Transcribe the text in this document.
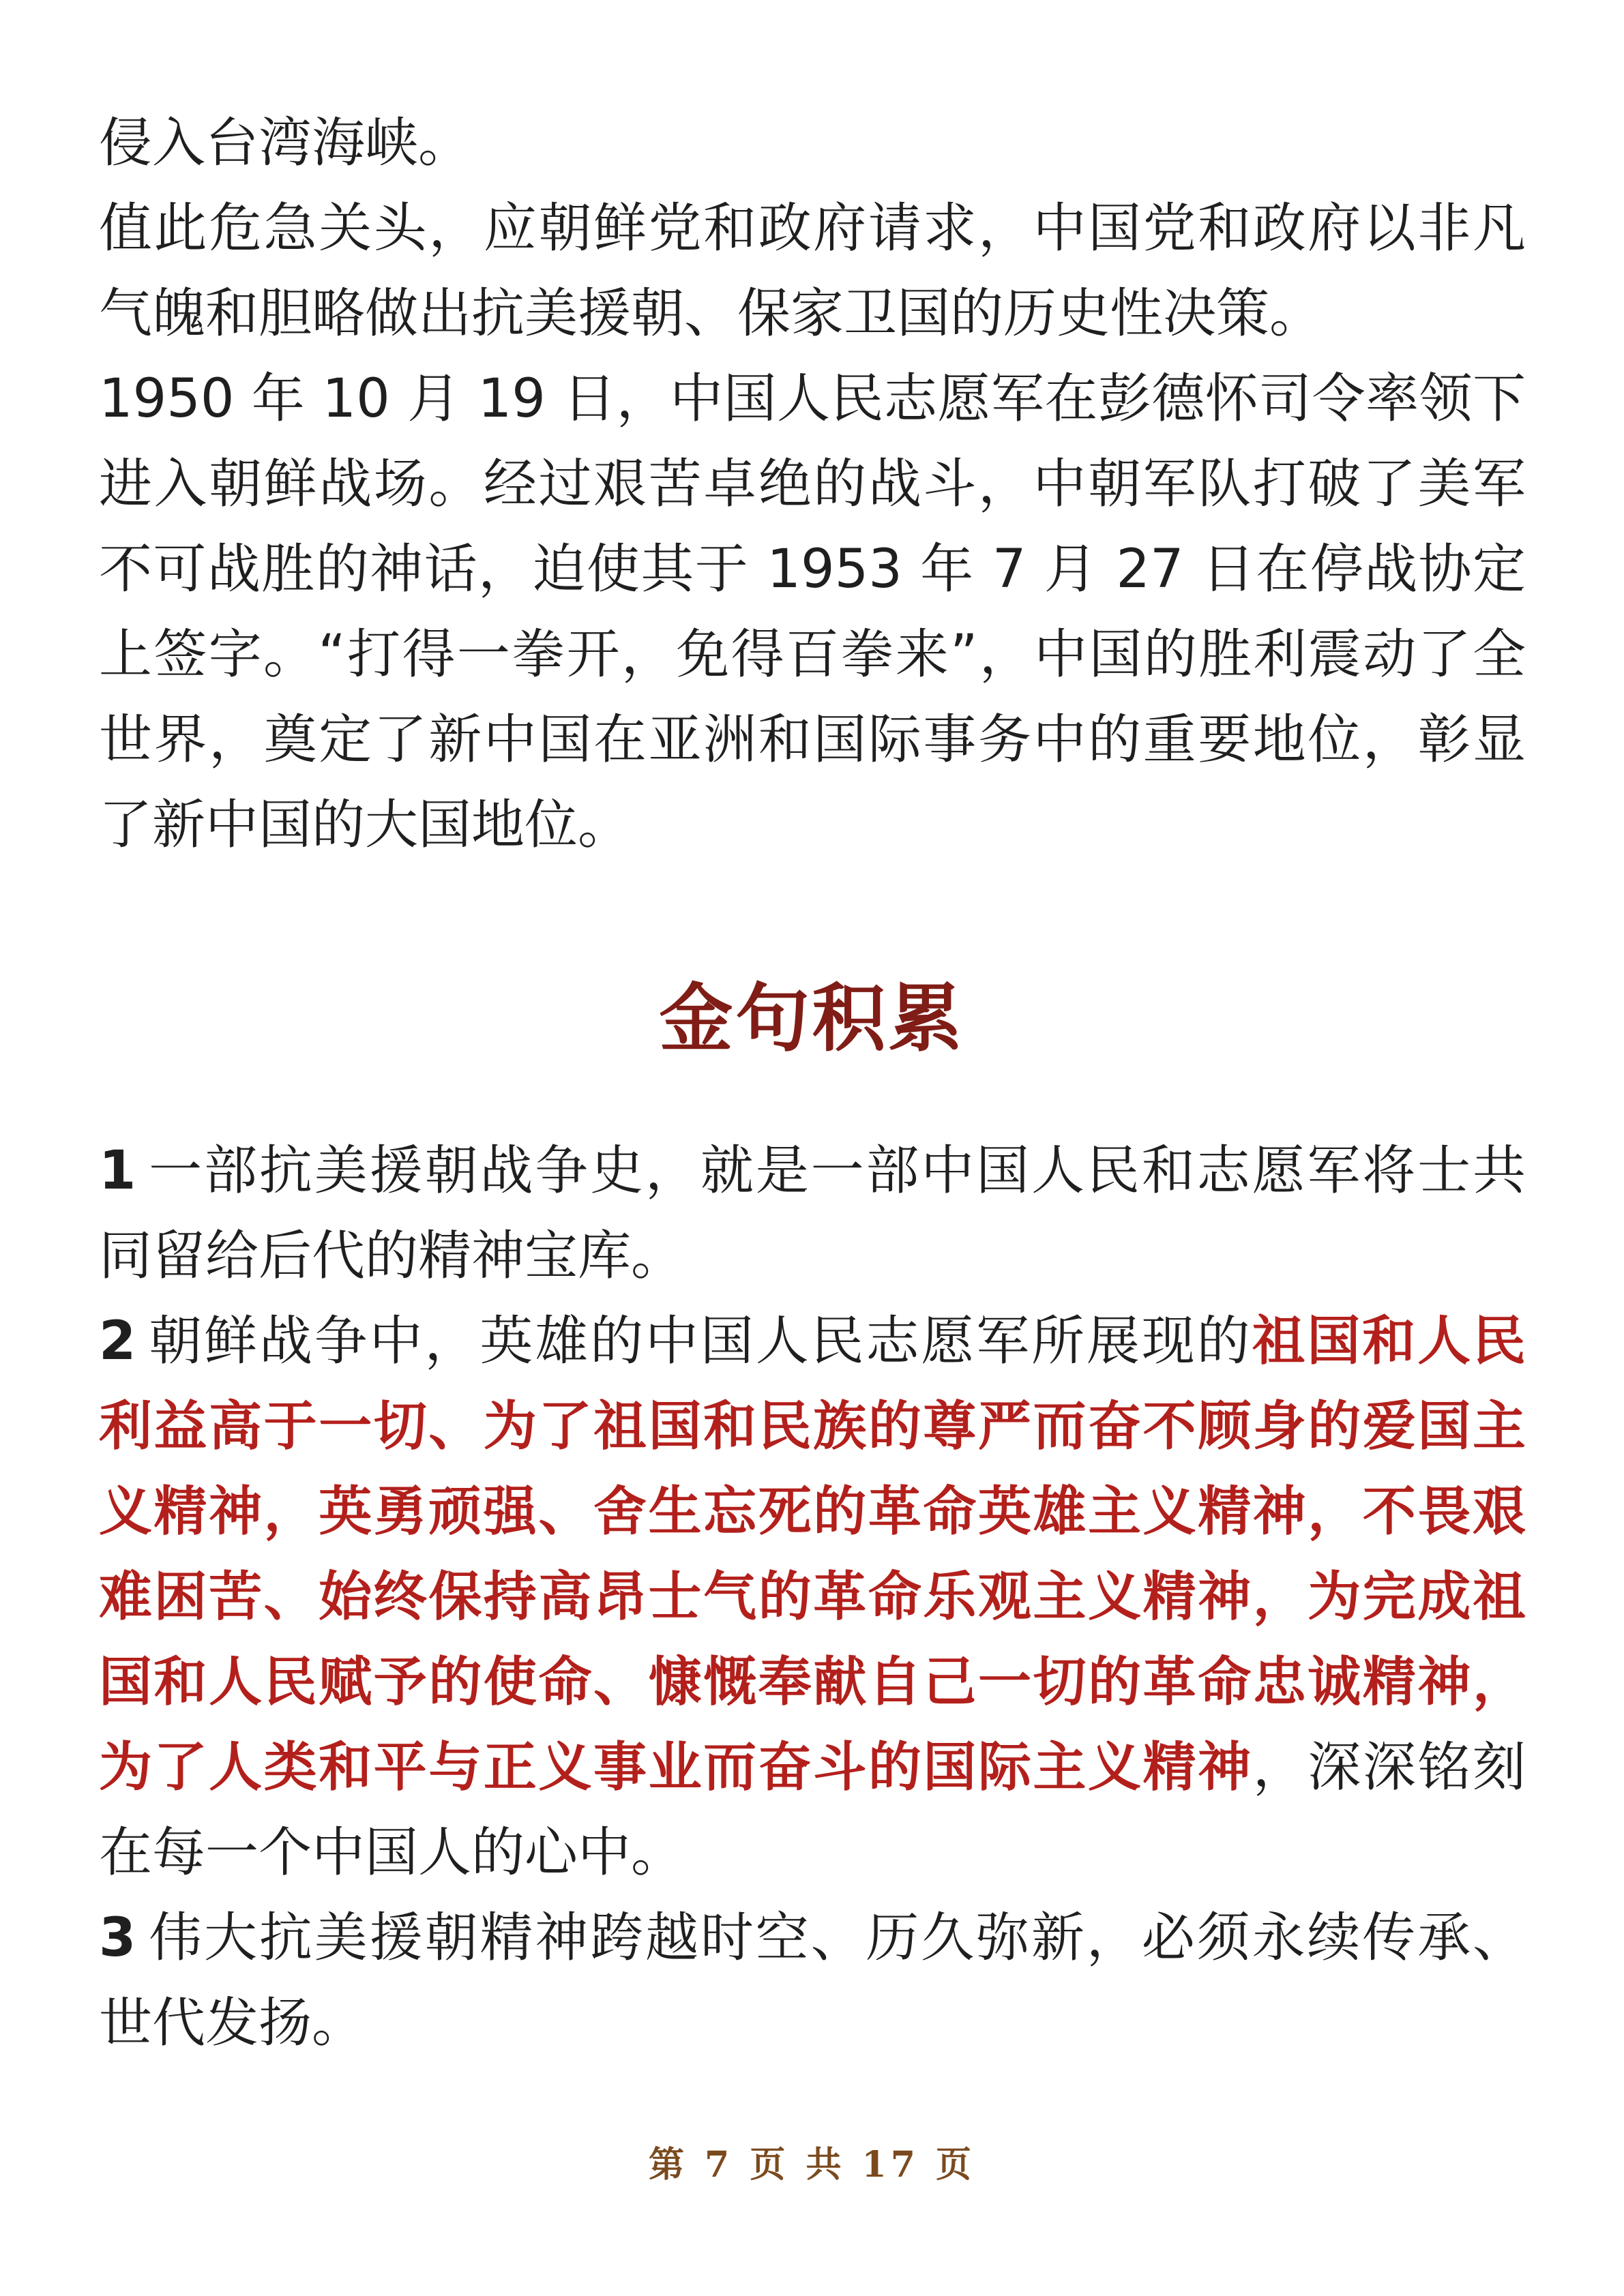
侵入台湾海峡。

值此危急关头，应朝鲜党和政府请求，中国党和政府以非凡气魄和胆略做出抗美援朝、保家卫国的历史性决策。

1950 年 10 月 19 日，中国人民志愿军在彭德怀司令率领下进入朝鲜战场。经过艰苦卓绝的战斗，中朝军队打破了美军不可战胜的神话，迫使其于 1953 年 7 月 27 日在停战协定上签字。“打得一拳开，免得百拳来”，中国的胜利震动了全世界，奠定了新中国在亚洲和国际事务中的重要地位，彰显了新中国的大国地位。

金句积累

1 一部抗美援朝战争史，就是一部中国人民和志愿军将士共同留给后代的精神宝库。

2 朝鲜战争中，英雄的中国人民志愿军所展现的祖国和人民利益高于一切、为了祖国和民族的尊严而奋不顾身的爱国主义精神，英勇顽强、舍生忘死的革命英雄主义精神，不畏艰难困苦、始终保持高昂士气的革命乐观主义精神，为完成祖国和人民赋予的使命、慷慨奉献自己一切的革命忠诚精神，为了人类和平与正义事业而奋斗的国际主义精神，深深铭刻在每一个中国人的心中。

3 伟大抗美援朝精神跨越时空、历久弥新，必须永续传承、世代发扬。

第 7 页 共 17 页
